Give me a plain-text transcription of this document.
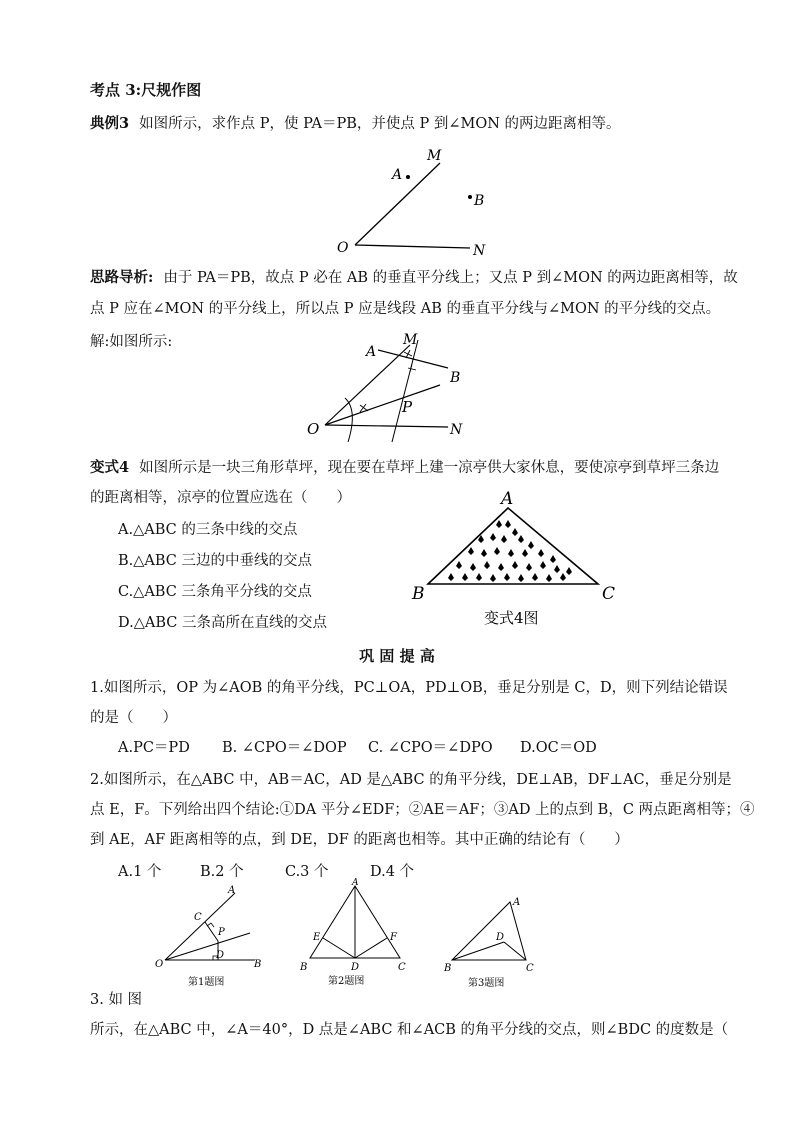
考点 3:尺规作图
典例3 如图所示，求作点 P，使 PA＝PB，并使点 P 到∠MON 的两边距离相等。
A
B
M
O	N
思路导析: 由于 PA＝PB，故点 P 必在 AB 的垂直平分线上；又点 P 到∠MON 的两边距离相等，故
点 P 应在∠MON 的平分线上，所以点 P 应是线段 AB 的垂直平分线与∠MON 的平分线的交点。
解:如图所示:
A
B
M
O	N
P
变式4 如图所示是一块三角形草坪，现在要在草坪上建一凉亭供大家休息，要使凉亭到草坪三条边
的距离相等，凉亭的位置应选在（　　）
A.△ABC 的三条中线的交点
B.△ABC 三边的中垂线的交点
C.△ABC 三条角平分线的交点
D.△ABC 三条高所在直线的交点
A
B	C
变式4图
巩 固 提 高
1.如图所示，OP 为∠AOB 的角平分线，PC⊥OA，PD⊥OB，垂足分别是 C，D，则下列结论错误
的是（　　）
A.PC＝PD B. ∠CPO＝∠DOP C. ∠CPO＝∠DPO D.OC＝OD
2.如图所示，在△ABC 中，AB＝AC，AD 是△ABC 的角平分线，DE⊥AB，DF⊥AC，垂足分别是
点 E，F。下列给出四个结论:①DA 平分∠EDF；②AE＝AF；③AD 上的点到 B，C 两点距离相等；④
到 AE，AF 距离相等的点，到 DE，DF 的距离也相等。其中正确的结论有（　　）
A.1 个	B.2 个	C.3 个	D.4 个
A
C
P
O
D
B
第1题图
A
E	F
B	D	C
第2题图
A
D
B	C
第3题图
3. 如 图
所示，在△ABC 中，∠A＝40°，D 点是∠ABC 和∠ACB 的角平分线的交点，则∠BDC 的度数是（
